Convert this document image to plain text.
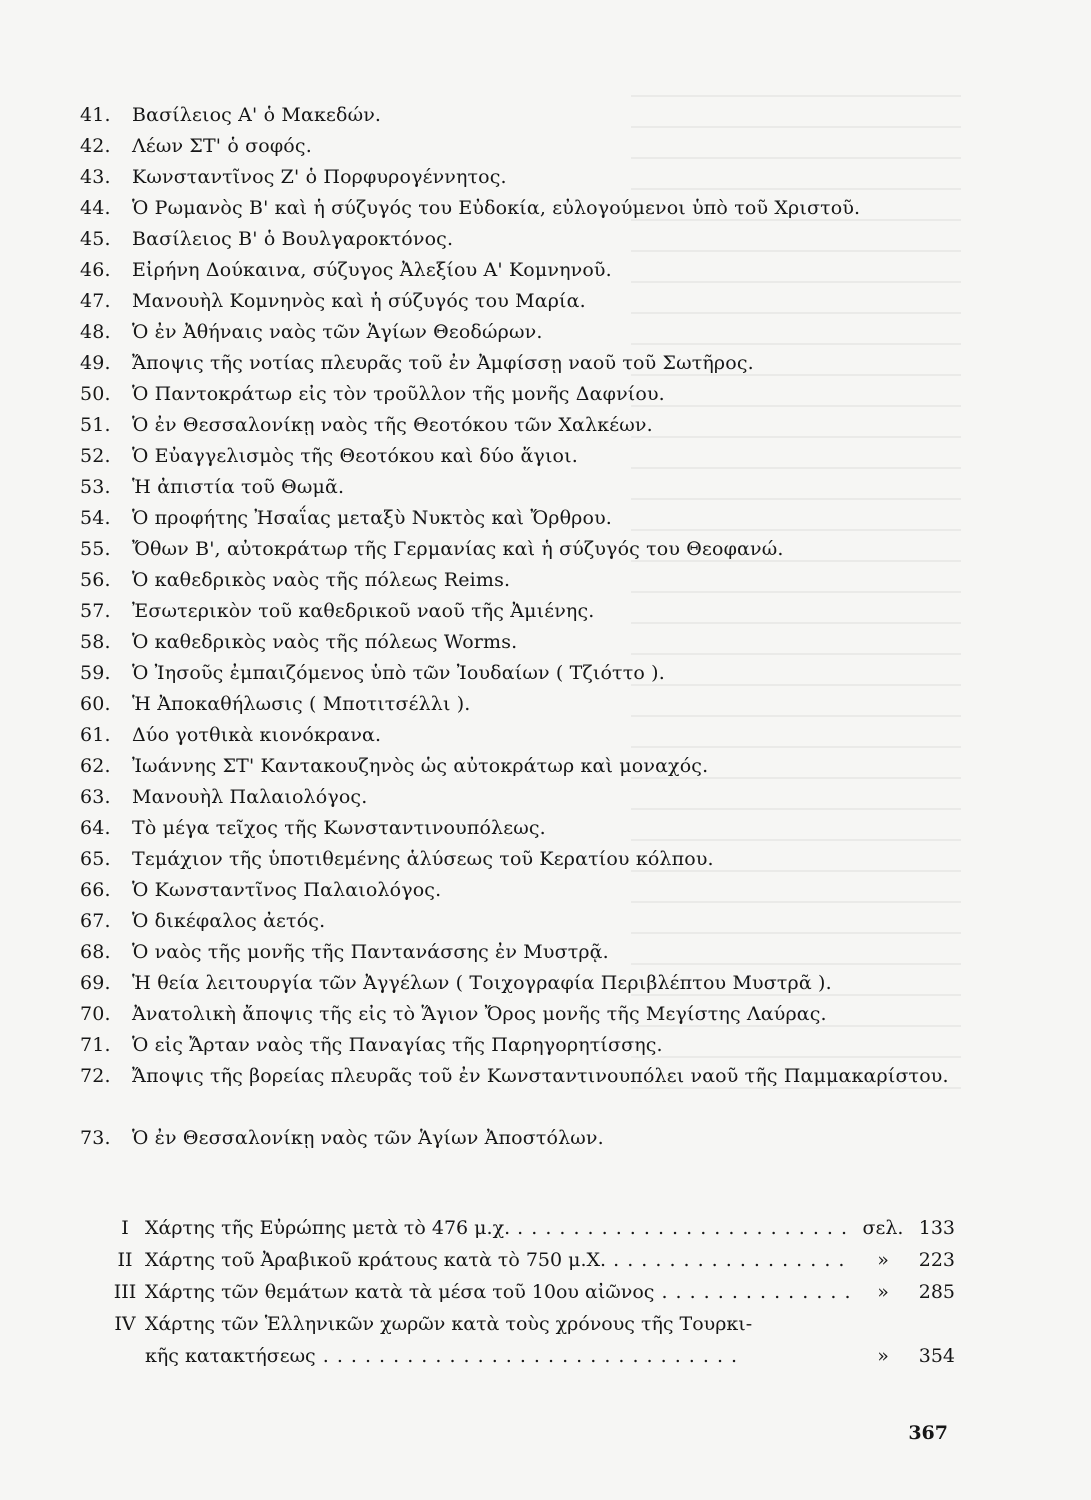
41.	Βασίλειος Α' ὁ Μακεδών.
42.	Λέων ΣΤ' ὁ σοφός.
43.	Κωνσταντῖνος Ζ' ὁ Πορφυρογέννητος.
44.	Ὁ Ρωμανὸς Β' καὶ ἡ σύζυγός του Εὐδοκία, εὐλογούμενοι ὑπὸ τοῦ Χριστοῦ.
45.	Βασίλειος Β' ὁ Βουλγαροκτόνος.
46.	Εἰρήνη Δούκαινα, σύζυγος Ἀλεξίου Α' Κομνηνοῦ.
47.	Μανουὴλ Κομνηνὸς καὶ ἡ σύζυγός του Μαρία.
48.	Ὁ ἐν Ἀθήναις ναὸς τῶν Ἁγίων Θεοδώρων.
49.	Ἄποψις τῆς νοτίας πλευρᾶς τοῦ ἐν Ἀμφίσσῃ ναοῦ τοῦ Σωτῆρος.
50.	Ὁ Παντοκράτωρ εἰς τὸν τροῦλλον τῆς μονῆς Δαφνίου.
51.	Ὁ ἐν Θεσσαλονίκῃ ναὸς τῆς Θεοτόκου τῶν Χαλκέων.
52.	Ὁ Εὐαγγελισμὸς τῆς Θεοτόκου καὶ δύο ἅγιοι.
53.	Ἡ ἀπιστία τοῦ Θωμᾶ.
54.	Ὁ προφήτης Ἠσαΐας μεταξὺ Νυκτὸς καὶ Ὄρθρου.
55.	Ὄθων Β', αὐτοκράτωρ τῆς Γερμανίας καὶ ἡ σύζυγός του Θεοφανώ.
56.	Ὁ καθεδρικὸς ναὸς τῆς πόλεως Reims.
57.	Ἐσωτερικὸν τοῦ καθεδρικοῦ ναοῦ τῆς Ἀμιένης.
58.	Ὁ καθεδρικὸς ναὸς τῆς πόλεως Worms.
59.	Ὁ Ἰησοῦς ἐμπαιζόμενος ὑπὸ τῶν Ἰουδαίων ( Τζιόττο ).
60.	Ἡ Ἀποκαθήλωσις ( Μποτιτσέλλι ).
61.	Δύο γοτθικὰ κιονόκρανα.
62.	Ἰωάννης ΣΤ' Καντακουζηνὸς ὡς αὐτοκράτωρ καὶ μοναχός.
63.	Μανουὴλ Παλαιολόγος.
64.	Τὸ μέγα τεῖχος τῆς Κωνσταντινουπόλεως.
65.	Τεμάχιον τῆς ὑποτιθεμένης ἁλύσεως τοῦ Κερατίου κόλπου.
66.	Ὁ Κωνσταντῖνος Παλαιολόγος.
67.	Ὁ δικέφαλος ἀετός.
68.	Ὁ ναὸς τῆς μονῆς τῆς Παντανάσσης ἐν Μυστρᾷ.
69.	Ἡ θεία λειτουργία τῶν Ἀγγέλων ( Τοιχογραφία Περιβλέπτου Μυστρᾶ ).
70.	Ἀνατολικὴ ἄποψις τῆς εἰς τὸ Ἅγιον Ὄρος μονῆς τῆς Μεγίστης Λαύρας.
71.	Ὁ εἰς Ἄρταν ναὸς τῆς Παναγίας τῆς Παρηγορητίσσης.
72.	Ἄποψις τῆς βορείας πλευρᾶς τοῦ ἐν Κωνσταντινουπόλει ναοῦ τῆς Παμμακαρίστου.
73.	Ὁ ἐν Θεσσαλονίκῃ ναὸς τῶν Ἁγίων Ἀποστόλων.
I Χάρτης τῆς Εὐρώπης μετὰ τὸ 476 μ.χ. . . .	σελ. 133
II Χάρτης τοῦ Ἀραβικοῦ κράτους κατὰ τὸ 750 μ.Χ. . . .	»	223
III Χάρτης τῶν θεμάτων κατὰ τὰ μέσα τοῦ 10ου αἰῶνος . . .	»	285
IV Χάρτης τῶν Ἑλληνικῶν χωρῶν κατὰ τοὺς χρόνους τῆς Τουρκι-
κῆς κατακτήσεως . . .	»	354
367
